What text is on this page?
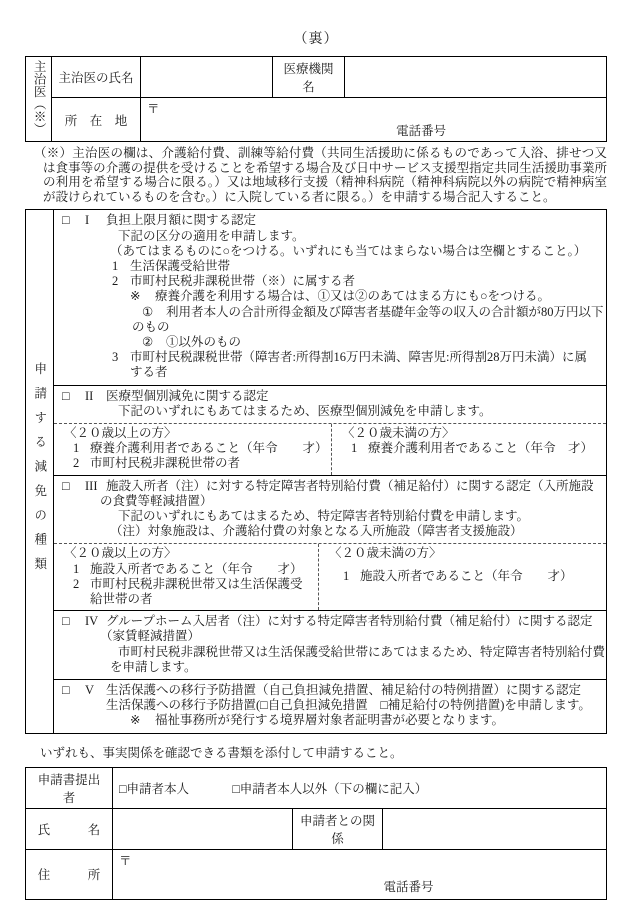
（裏）
主治医（※）	主治医の氏名		医療機関名	
	所　在　地	〒
電話番号		
（※）主治医の欄は、介護給付費、訓練等給付費（共同生活援助に係るものであって入浴、排せつ又は食事等の介護の提供を受けることを希望する場合及び日中サービス支援型指定共同生活援助事業所の利用を希望する場合に限る。）又は地域移行支援（精神科病院（精神科病院以外の病院で精神病室が設けられているものを含む。）に入院している者に限る。）を申請する場合記入すること。
申請する減免の種類
□	I 負担上限月額に関する認定
下記の区分の適用を申請します。
（あてはまるものに○をつける。いずれにも当てはまらない場合は空欄とすること。）
1 生活保護受給世帯
2 市町村民税非課税世帯（※）に属する者
※	療養介護を利用する場合は、①又は②のあてはまる方にも○をつける。
①	利用者本人の合計所得金額及び障害者基礎年金等の収入の合計額が80万円以下
のもの
②	①以外のもの
3 市町村民税課税世帯（障害者:所得割16万円未満、障害児:所得割28万円未満）に属
する者
□	II 医療型個別減免に関する認定
下記のいずれにもあてはまるため、医療型個別減免を申請します。
〈２０歳以上の方〉
1 療養介護利用者であること（年令　　才）
2 市町村民税非課税世帯の者
〈２０歳未満の方〉
1 療養介護利用者であること（年令　才）
□	III 施設入所者（注）に対する特定障害者特別給付費（補足給付）に関する認定（入所施設
の食費等軽減措置）
下記のいずれにもあてはまるため、特定障害者特別給付費を申請します。
（注）対象施設は、介護給付費の対象となる入所施設（障害者支援施設）
〈２０歳以上の方〉
1 施設入所者であること（年令　　才）
2 市町村民税非課税世帯又は生活保護受給世帯の者
〈２０歳未満の方〉
1 施設入所者であること（年令　　才）
□	IV グループホーム入居者（注）に対する特定障害者特別給付費（補足給付）に関する認定
（家賃軽減措置）
市町村民税非課税世帯又は生活保護受給世帯にあてはまるため、特定障害者特別給付費
を申請します。
□	V 生活保護への移行予防措置（自己負担減免措置、補足給付の特例措置）に関する認定
生活保護への移行予防措置(□自己負担減免措置　□補足給付の特例措置)を申請します。
※	福祉事務所が発行する境界層対象者証明書が必要となります。
いずれも、事実関係を確認できる書類を添付して申請すること。
申請書提出者	□申請者本人 □申請者本人以外（下の欄に記入）		
氏　　　名		申請者との関係	
住　　　所	〒
電話番号		
